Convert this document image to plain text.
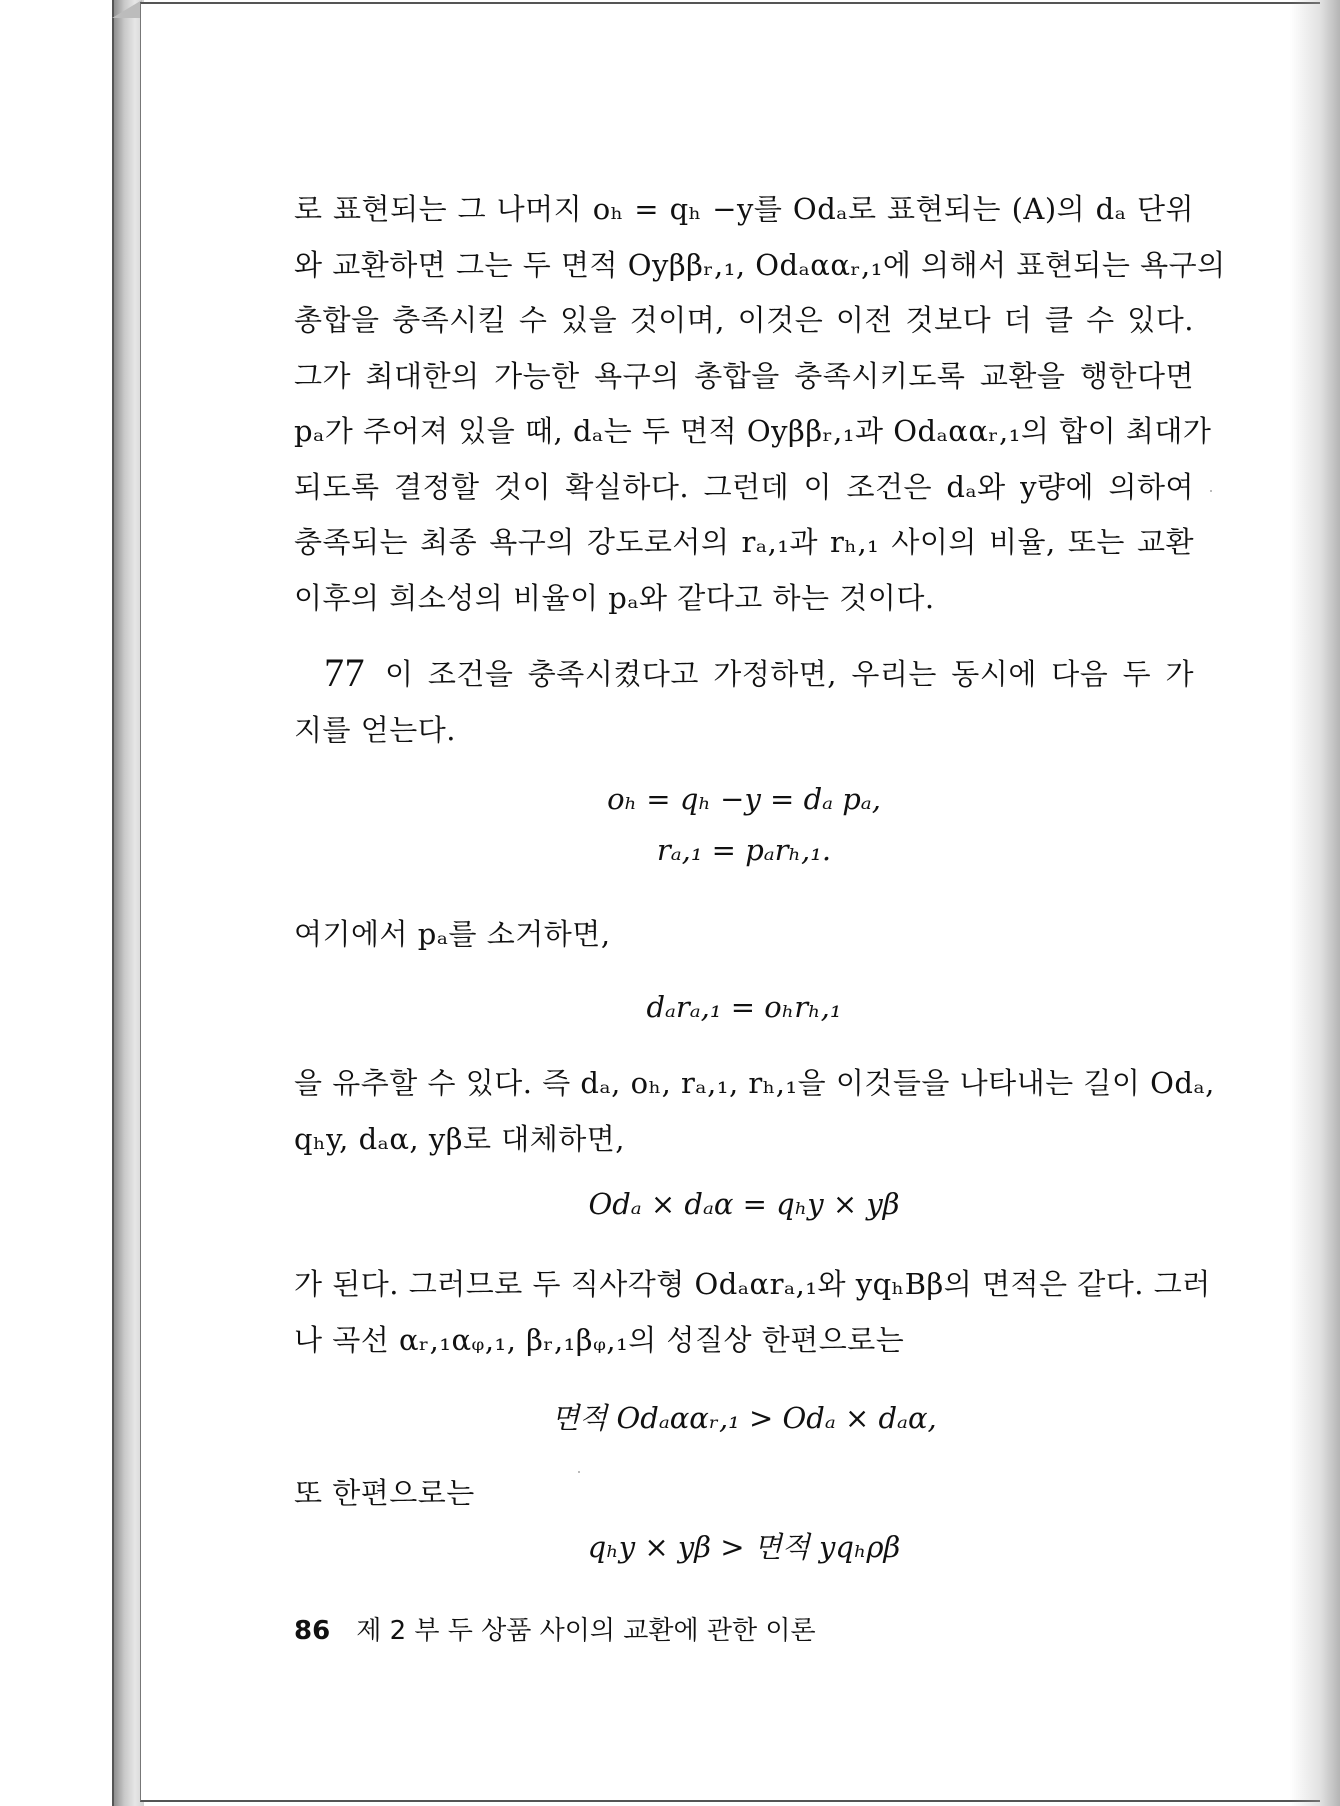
로 표현되는 그 나머지 oₕ = qₕ −y를 Odₐ로 표현되는 (A)의 dₐ 단위
와 교환하면 그는 두 면적 Oyββᵣ,₁, Odₐααᵣ,₁에 의해서 표현되는 욕구의
총합을 충족시킬 수 있을 것이며, 이것은 이전 것보다 더 클 수 있다.
그가 최대한의 가능한 욕구의 총합을 충족시키도록 교환을 행한다면
pₐ가 주어져 있을 때, dₐ는 두 면적 Oyββᵣ,₁과 Odₐααᵣ,₁의 합이 최대가
되도록 결정할 것이 확실하다. 그런데 이 조건은 dₐ와 y량에 의하여
충족되는 최종 욕구의 강도로서의 rₐ,₁과 rₕ,₁ 사이의 비율, 또는 교환
이후의 희소성의 비율이 pₐ와 같다고 하는 것이다.

77 이 조건을 충족시켰다고 가정하면, 우리는 동시에 다음 두 가
지를 얻는다.

oₕ = qₕ −y = dₐ pₐ,
rₐ,₁ = pₐrₕ,₁.

여기에서 pₐ를 소거하면,

dₐrₐ,₁ = oₕrₕ,₁

을 유추할 수 있다. 즉 dₐ, oₕ, rₐ,₁, rₕ,₁을 이것들을 나타내는 길이 Odₐ,
qₕy, dₐα, yβ로 대체하면,

Odₐ × dₐα = qₕy × yβ

가 된다. 그러므로 두 직사각형 Odₐαrₐ,₁와 yqₕBβ의 면적은 같다. 그러
나 곡선 αᵣ,₁αᵩ,₁, βᵣ,₁βᵩ,₁의 성질상 한편으로는

면적 Odₐααᵣ,₁ > Odₐ × dₐα,

또 한편으로는

qₕy × yβ > 면적 yqₕρβ
86 제 2 부 두 상품 사이의 교환에 관한 이론
